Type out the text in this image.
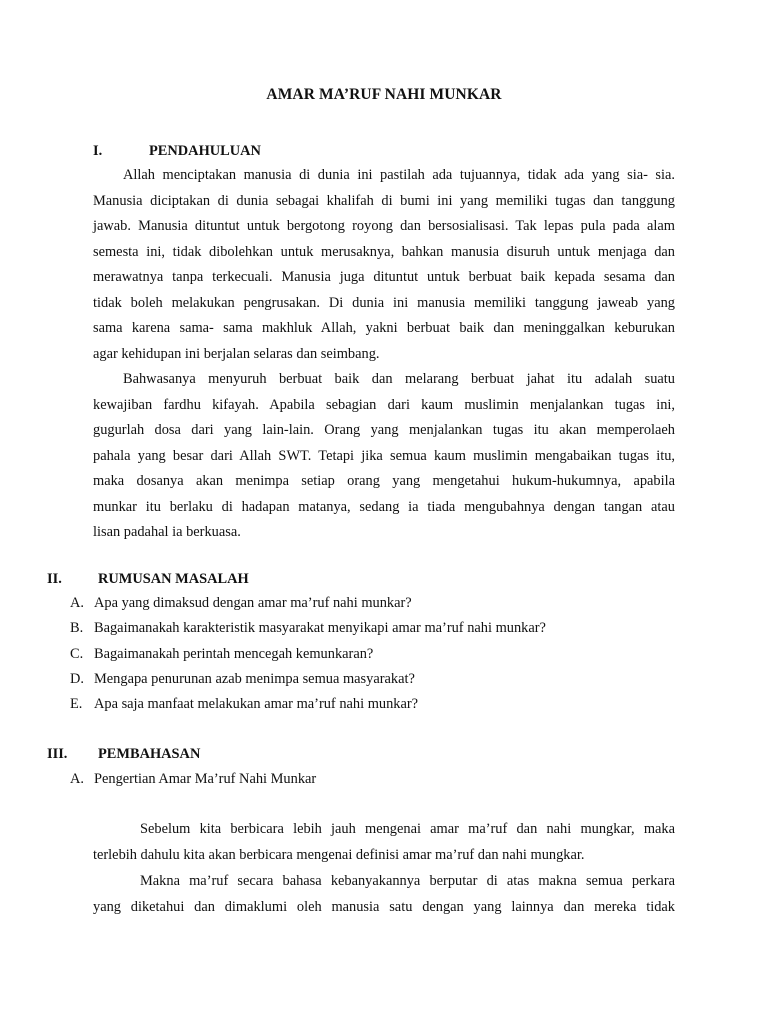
AMAR MA’RUF NAHI MUNKAR
I.	PENDAHULUAN
Allah menciptakan manusia di dunia ini pastilah ada tujuannya, tidak ada yang sia- sia.
Manusia diciptakan di dunia sebagai khalifah di bumi ini yang memiliki tugas dan tanggung
jawab. Manusia dituntut untuk bergotong royong dan bersosialisasi. Tak lepas pula pada alam
semesta ini, tidak dibolehkan untuk merusaknya, bahkan manusia disuruh untuk menjaga dan
merawatnya tanpa terkecuali. Manusia juga dituntut untuk berbuat baik kepada sesama dan
tidak boleh melakukan pengrusakan. Di dunia ini manusia memiliki tanggung jaweab yang
sama karena sama- sama makhluk Allah, yakni berbuat baik dan meninggalkan keburukan
agar kehidupan ini berjalan selaras dan seimbang.
Bahwasanya menyuruh berbuat baik dan melarang berbuat jahat itu adalah suatu
kewajiban fardhu kifayah. Apabila sebagian dari kaum muslimin menjalankan tugas ini,
gugurlah dosa dari yang lain-lain. Orang yang menjalankan tugas itu akan memperolaeh
pahala yang besar dari Allah SWT. Tetapi jika semua kaum muslimin mengabaikan tugas itu,
maka dosanya akan menimpa setiap orang yang mengetahui hukum-hukumnya, apabila
munkar itu berlaku di hadapan matanya, sedang ia tiada mengubahnya dengan tangan atau
lisan padahal ia berkuasa.
II.	RUMUSAN MASALAH
A. Apa yang dimaksud dengan amar ma’ruf nahi munkar?
B. Bagaimanakah karakteristik masyarakat menyikapi amar ma’ruf nahi munkar?
C. Bagaimanakah perintah mencegah kemunkaran?
D. Mengapa penurunan azab menimpa semua masyarakat?
E. Apa saja manfaat melakukan amar ma’ruf nahi munkar?
III. PEMBAHASAN
A. Pengertian Amar Ma’ruf Nahi Munkar
Sebelum kita berbicara lebih jauh mengenai amar ma’ruf dan nahi mungkar, maka
terlebih dahulu kita akan berbicara mengenai definisi amar ma’ruf dan nahi mungkar.
Makna ma’ruf secara bahasa kebanyakannya berputar di atas makna semua perkara
yang diketahui dan dimaklumi oleh manusia satu dengan yang lainnya dan mereka tidak
